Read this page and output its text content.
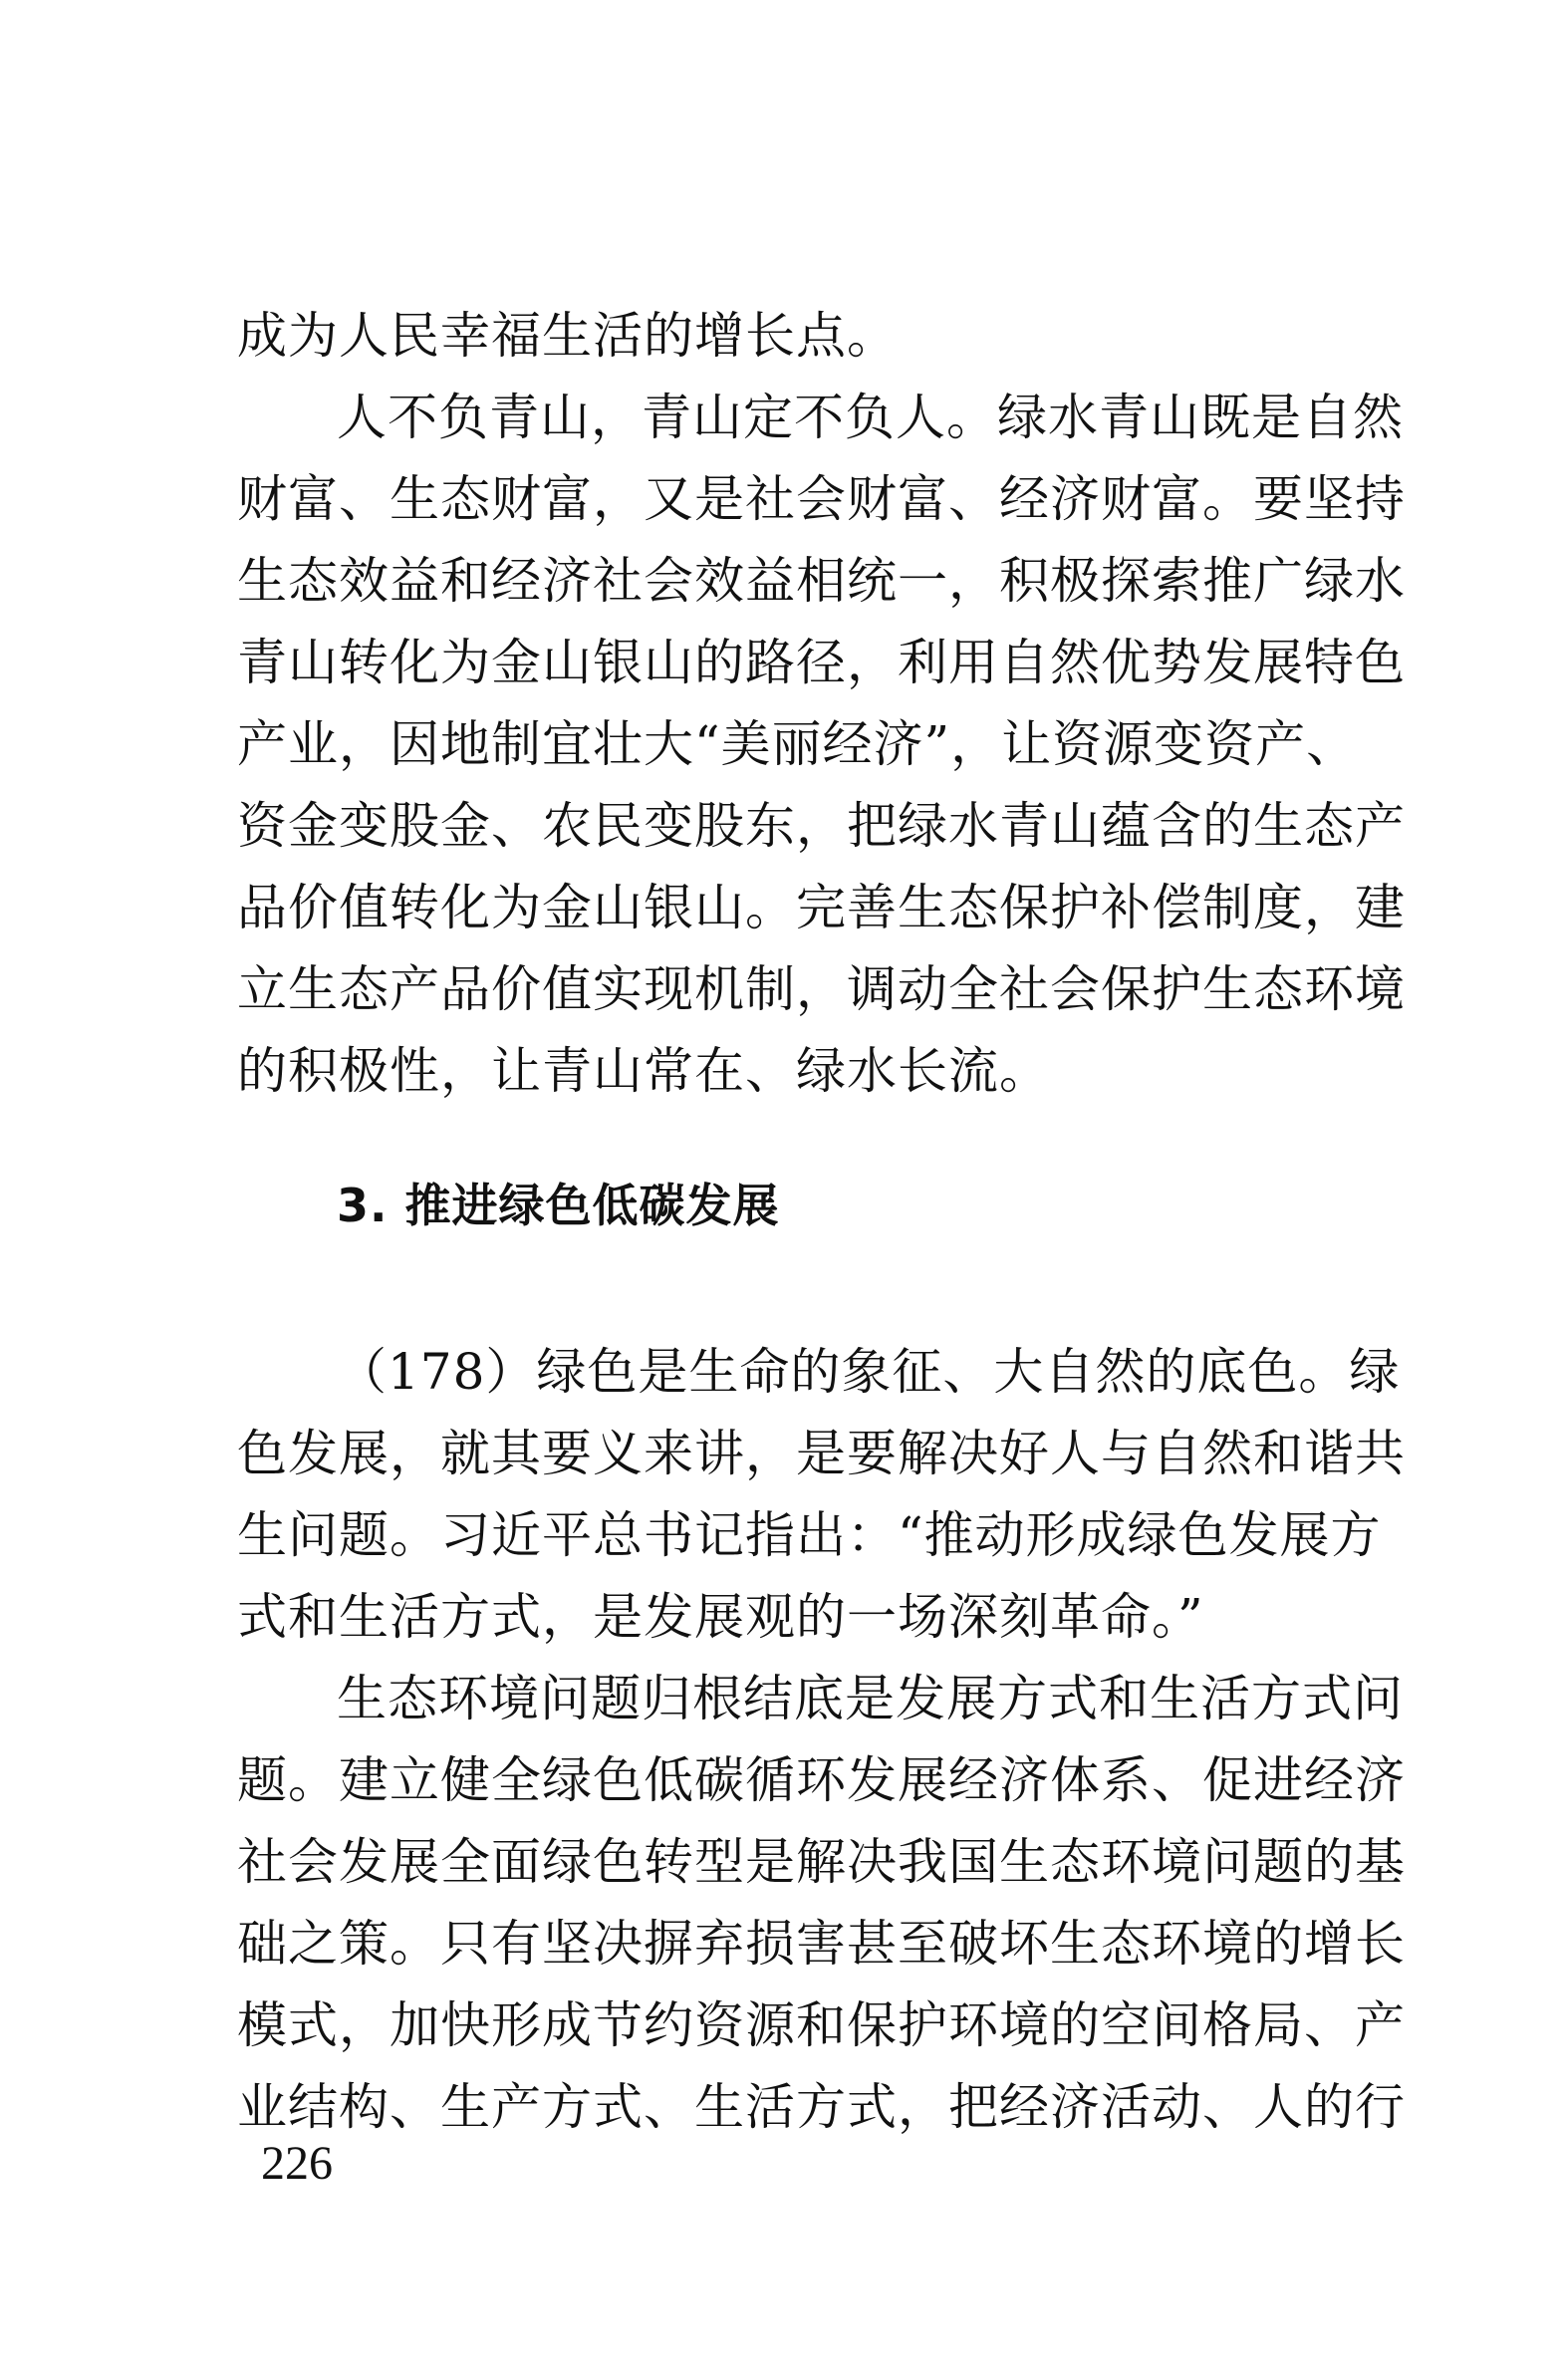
成为人民幸福生活的增长点。
人不负青山，青山定不负人。绿水青山既是自然
财富、生态财富，又是社会财富、经济财富。要坚持
生态效益和经济社会效益相统一，积极探索推广绿水
青山转化为金山银山的路径，利用自然优势发展特色
产业，因地制宜壮大“美丽经济”，让资源变资产、
资金变股金、农民变股东，把绿水青山蕴含的生态产
品价值转化为金山银山。完善生态保护补偿制度，建
立生态产品价值实现机制，调动全社会保护生态环境
的积极性，让青山常在、绿水长流。
3. 推进绿色低碳发展
（178）绿色是生命的象征、大自然的底色。绿
色发展，就其要义来讲，是要解决好人与自然和谐共
生问题。习近平总书记指出：“推动形成绿色发展方
式和生活方式，是发展观的一场深刻革命。”
生态环境问题归根结底是发展方式和生活方式问
题。建立健全绿色低碳循环发展经济体系、促进经济
社会发展全面绿色转型是解决我国生态环境问题的基
础之策。只有坚决摒弃损害甚至破坏生态环境的增长
模式，加快形成节约资源和保护环境的空间格局、产
业结构、生产方式、生活方式，把经济活动、人的行
226
